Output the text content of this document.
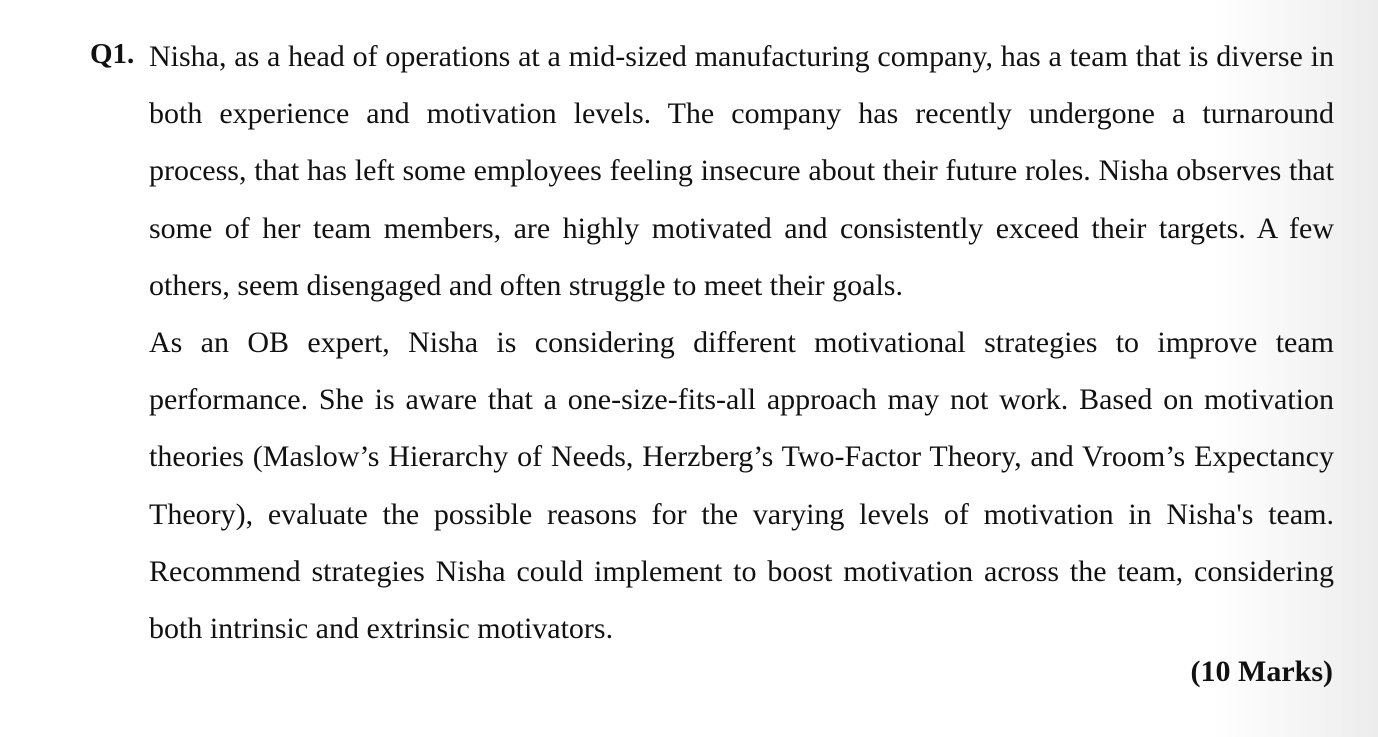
Q1. Nisha, as a head of operations at a mid-sized manufacturing company, has a team that is diverse in both experience and motivation levels. The company has recently undergone a turnaround process, that has left some employees feeling insecure about their future roles. Nisha observes that some of her team members, are highly motivated and consistently exceed their targets. A few others, seem disengaged and often struggle to meet their goals.

As an OB expert, Nisha is considering different motivational strategies to improve team performance. She is aware that a one-size-fits-all approach may not work. Based on motivation theories (Maslow’s Hierarchy of Needs, Herzberg’s Two-Factor Theory, and Vroom’s Expectancy Theory), evaluate the possible reasons for the varying levels of motivation in Nisha's team. Recommend strategies Nisha could implement to boost motivation across the team, considering both intrinsic and extrinsic motivators.

(10 Marks)
